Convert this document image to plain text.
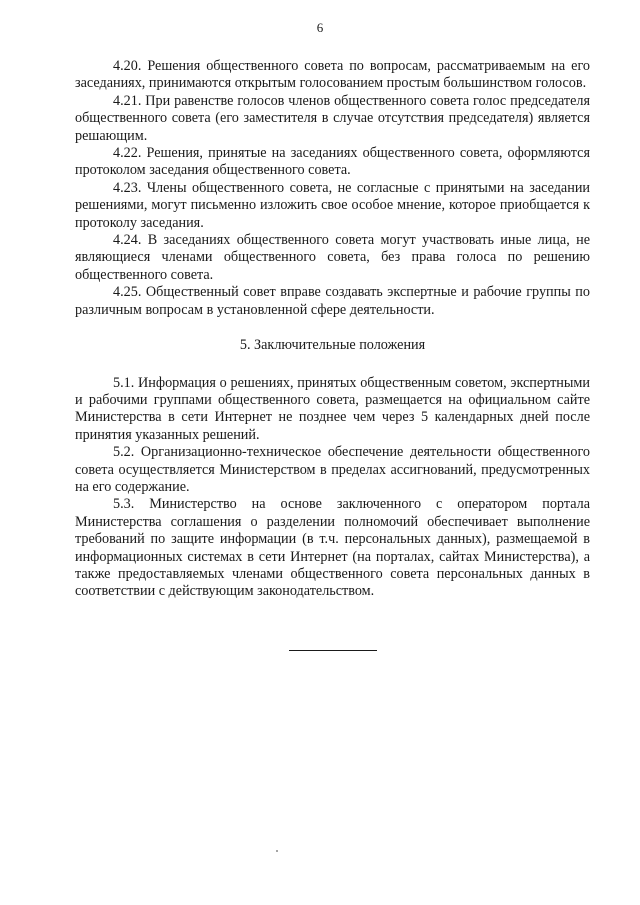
6

4.20. Решения общественного совета по вопросам, рассматриваемым на его заседаниях, принимаются открытым голосованием простым большинством голосов.

4.21. При равенстве голосов членов общественного совета голос председателя общественного совета (его заместителя в случае отсутствия председателя) является решающим.

4.22. Решения, принятые на заседаниях общественного совета, оформляются протоколом заседания общественного совета.

4.23. Члены общественного совета, не согласные с принятыми на заседании решениями, могут письменно изложить свое особое мнение, которое приобщается к протоколу заседания.

4.24. В заседаниях общественного совета могут участвовать иные лица, не являющиеся членами общественного совета, без права голоса по решению общественного совета.

4.25. Общественный совет вправе создавать экспертные и рабочие группы по различным вопросам в установленной сфере деятельности.

5. Заключительные положения

5.1. Информация о решениях, принятых общественным советом, экспертными и рабочими группами общественного совета, размещается на официальном сайте Министерства в сети Интернет не позднее чем через 5 календарных дней после принятия указанных решений.

5.2. Организационно-техническое обеспечение деятельности общественного совета осуществляется Министерством в пределах ассигнований, предусмотренных на его содержание.

5.3. Министерство на основе заключенного с оператором портала Министерства соглашения о разделении полномочий обеспечивает выполнение требований по защите информации (в т.ч. персональных данных), размещаемой в информационных системах в сети Интернет (на порталах, сайтах Министерства), а также предоставляемых членами общественного совета персональных данных в соответствии с действующим законодательством.
